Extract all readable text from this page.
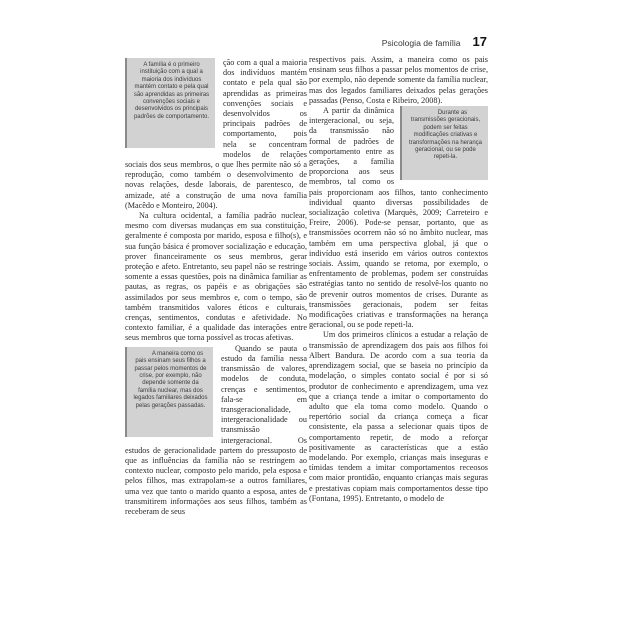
Psicologia de família 17
A família é o primeiro instituição com a qual a maioria dos indivíduos mantém contato e pela qual são aprendidas as primeiras convenções sociais e desenvolvidos os principais padrões de comportamento.

ção com a qual a maioria dos indivíduos mantém contato e pela qual são aprendidas as primeiras convenções sociais e desenvolvidos os principais padrões de comportamento, pois nela se concentram modelos de relações sociais dos seus membros, o que lhes permite não só a reprodução, como também o desenvolvimento de novas relações, desde laborais, de parentesco, de amizade, até a construção de uma nova família (Macêdo e Monteiro, 2004).

Na cultura ocidental, a família padrão nuclear, mesmo com diversas mudanças em sua constituição, geralmente é composta por marido, esposa e filho(s), e sua função básica é promover socialização e educação, prover financeiramente os seus membros, gerar proteção e afeto. Entretanto, seu papel não se restringe somente a essas questões, pois na dinâmica familiar as pautas, as regras, os papéis e as obrigações são assimilados por seus membros e, com o tempo, são também transmitidos valores éticos e culturais, crenças, sentimentos, condutas e afetividade. No contexto familiar, é a qualidade das interações entre seus membros que torna possível as trocas afetivas.

A maneira como os pais ensinam seus filhos a passar pelos momentos de crise, por exemplo, não depende somente da família nuclear, mas dos legados familiares deixados pelas gerações passadas.
Quando se pauta o estudo da família nessa transmissão de valores, modelos de conduta, crenças e sentimentos, fala-se em transgeracionalidade, intergeracionalidade ou transmissão intergeracional. Os estudos de geracionalidade partem do pressuposto de que as influências da família não se restringem ao contexto nuclear, composto pelo marido, pela esposa e pelos filhos, mas extrapolam-se a outros familiares, uma vez que tanto o marido quanto a esposa, antes de transmitirem informações aos seus filhos, também as receberam de seus

respectivos pais. Assim, a maneira como os pais ensinam seus filhos a passar pelos momentos de crise, por exemplo, não depende somente da família nuclear, mas dos legados familiares deixados pelas gerações passadas (Penso, Costa e Ribeiro, 2008).

Durante as transmissões geracionais, podem ser feitas modificações criativas e transformações na herança geracional, ou se pode repeti-la.
A partir da dinâmica intergeracional, ou seja, da transmissão não formal de padrões de comportamento entre as gerações, a família proporciona aos seus membros, tal como os pais proporcionam aos filhos, tanto conhecimento individual quanto diversas possibilidades de socialização coletiva (Marquès, 2009; Carreteiro e Freire, 2006). Pode-se pensar, portanto, que as transmissões ocorrem não só no âmbito nuclear, mas também em uma perspectiva global, já que o indivíduo está inserido em vários outros contextos sociais. Assim, quando se retoma, por exemplo, o enfrentamento de problemas, podem ser construídas estratégias tanto no sentido de resolvê-los quanto no de prevenir outros momentos de crises. Durante as transmissões geracionais, podem ser feitas modificações criativas e transformações na herança geracional, ou se pode repeti-la.

Um dos primeiros clínicos a estudar a relação de transmissão de aprendizagem dos pais aos filhos foi Albert Bandura. De acordo com a sua teoria da aprendizagem social, que se baseia no princípio da modelação, o simples contato social é por si só produtor de conhecimento e aprendizagem, uma vez que a criança tende a imitar o comportamento do adulto que ela toma como modelo. Quando o repertório social da criança começa a ficar consistente, ela passa a selecionar quais tipos de comportamento repetir, de modo a reforçar positivamente as características que a estão modelando. Por exemplo, crianças mais inseguras e tímidas tendem a imitar comportamentos receosos com maior prontidão, enquanto crianças mais seguras e prestativas copiam mais comportamentos desse tipo (Fontana, 1995). Entretanto, o modelo de
